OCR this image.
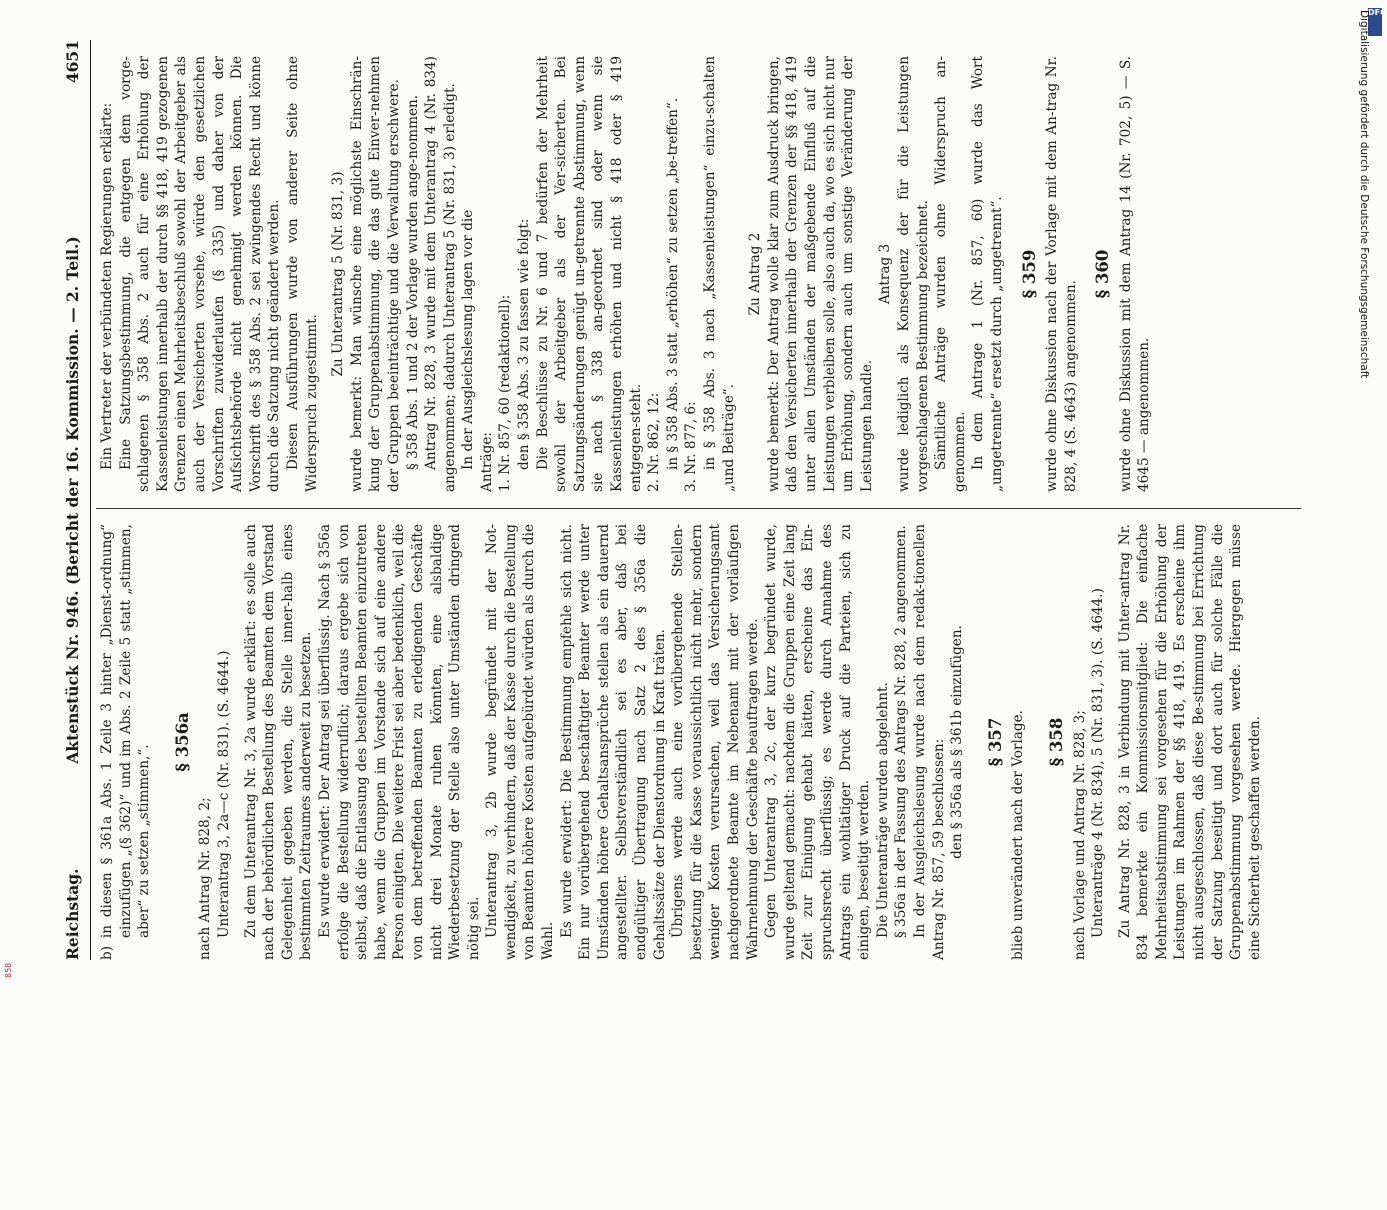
Aktenstück Nr. 946. (Bericht der 16. Kommission. — 2. Teil.)
Reichstag.
4651

b) in diesen § 361a Abs. 1 Zeile 3 hinter „Dienst-ordnung“ einzufügen „(§ 362)“ und im Abs. 2 Zeile 5 statt „stimmen, aber“ zu setzen „stimmen,“.

§ 356a

nach Antrag Nr. 828, 2; Unterantrag 3, 2a—c (Nr. 831). (S. 4644.) Zu dem Unterantrag Nr. 3, 2a wurde erklärt: es solle auch nach der behördlichen Bestellung des Beamten dem Vorstand Gelegenheit gegeben werden, die Stelle inner-halb eines bestimmten Zeitraumes anderweit zu besetzen. Es wurde erwidert: Der Antrag sei überflüssig. Nach § 356a erfolge die Bestellung widerruflich; daraus ergebe sich von selbst, daß die Entlassung des bestellten Beamten einzutreten habe, wenn die Gruppen im Vorstande sich auf eine andere Person einigten. Die weitere Frist sei aber bedenklich, weil die von dem betreffenden Beamten zu erledigenden Geschäfte nicht drei Monate ruhen könnten, eine alsbaldige Wiederbesetzung der Stelle also unter Umständen dringend nötig sei. Unterantrag 3, 2b wurde begründet mit der Not-wendigkeit, zu verhindern, daß der Kasse durch die Bestellung von Beamten höhere Kosten aufgebürdet würden als durch die Wahl.

Es wurde erwidert: Die Bestimmung empfehle sich nicht. Ein nur vorübergehend beschäftigter Beamter werde unter Umständen höhere Gehaltsansprüche stellen als ein dauernd angestellter. Selbstverständlich sei es aber, daß bei endgültiger Übertragung nach Satz 2 des § 356a die Gehaltssätze der Dienstordnung in Kraft träten. Übrigens werde auch eine vorübergehende Stellen-besetzung für die Kasse voraussichtlich nicht mehr, sondern weniger Kosten verursachen, weil das Versicherungsamt nachgeordnete Beamte im Nebenamt mit der vorläufigen Wahrnehmung der Geschäfte beauftragen werde. Gegen Unterantrag 3, 2c, der kurz begründet wurde, wurde geltend gemacht: nachdem die Gruppen eine Zeit lang Zeit zur Einigung gehabt hätten, erscheine das Ein-spruchsrecht überflüssig; es werde durch Annahme des Antrags ein wohltätiger Druck auf die Parteien, sich zu einigen, beseitigt werden. Die Unteranträge wurden abgelehnt. § 356a in der Fassung des Antrags Nr. 828, 2 angenommen. In der Ausgleichslesung wurde nach dem redak-tionellen Antrag Nr. 857, 59 beschlossen: den § 356a als § 361b einzufügen. § 357 blieb unverändert nach der Vorlage. § 358 nach Vorlage und Antrag Nr. 828, 3; Unteranträge 4 (Nr. 834), 5 (Nr. 831, 3). (S. 4644.) Zu Antrag Nr. 828, 3 in Verbindung mit Unter-antrag Nr. 834 bemerkte ein Kommissionsmitglied: Die einfache Mehrheitsabstimmung sei vorgesehen für die Erhöhung der Leistungen im Rahmen der §§ 418, 419. Es erscheine ihm nicht ausgeschlossen, daß diese Be-stimmung bei Errichtung der Satzung beseitigt und dort auch für solche Fälle die Gruppenabstimmung vorgesehen werde. Hiergegen müsse eine Sicherheit geschaffen werden.

Ein Vertreter der verbündeten Regierungen erklärte: Eine Satzungsbestimmung, die entgegen dem vorge-schlagenen § 358 Abs. 2 auch für eine Erhöhung der Kassenleistungen innerhalb der durch §§ 418, 419 gezogenen Grenzen einen Mehrheitsbeschluß sowohl der Arbeitgeber als auch der Versicherten vorsehe, würde den gesetzlichen Vorschriften zuwiderlaufen (§ 335) und daher von der Aufsichtsbehörde nicht genehmigt werden können. Die Vorschrift des § 358 Abs. 2 sei zwingendes Recht und könne durch die Satzung nicht geändert werden. Diesen Ausführungen wurde von anderer Seite ohne Widerspruch zugestimmt.

Zu Unterantrag 5 (Nr. 831, 3) wurde bemerkt: Man wünsche eine möglichste Einschrän-kung der Gruppenabstimmung, die das gute Einver-nehmen der Gruppen beeinträchtige und die Verwaltung erschwere. § 358 Abs. 1 und 2 der Vorlage wurden ange-nommen. Antrag Nr. 828, 3 wurde mit dem Unterantrag 4 (Nr. 834) angenommen; dadurch Unterantrag 5 (Nr. 831, 3) erledigt. In der Ausgleichslesung lagen vor die Anträge: 1. Nr. 857, 60 (redaktionell): den § 358 Abs. 3 zu fassen wie folgt: Die Beschlüsse zu Nr. 6 und 7 bedürfen der Mehrheit sowohl der Arbeitgeber als der Ver-sicherten. Bei Satzungsänderungen genügt un-getrennte Abstimmung, wenn sie nach § 338 an-geordnet sind oder wenn sie Kassenleistungen erhöhen und nicht § 418 oder § 419 entgegen-steht. 2. Nr. 862, 12: in § 358 Abs. 3 statt „erhöhen“ zu setzen „be-treffen“. 3. Nr. 877, 6: in § 358 Abs. 3 nach „Kassenleistungen“ einzu-schalten „und Beiträge“.

Zu Antrag 2 wurde bemerkt: Der Antrag wolle klar zum Ausdruck bringen, daß den Versicherten innerhalb der Grenzen der §§ 418, 419 unter allen Umständen der maßgebende Einfluß auf die Leistungen verbleiben solle, also auch da, wo es sich nicht nur um Erhöhung, sondern auch um sonstige Veränderung der Leistungen handle.

Antrag 3 wurde lediglich als Konsequenz der für die Leistungen vorgeschlagenen Bestimmung bezeichnet. Sämtliche Anträge wurden ohne Widerspruch an-genommen. In dem Antrage 1 (Nr. 857, 60) wurde das Wort „ungetrennte“ ersetzt durch „ungetrennt“. § 359 wurde ohne Diskussion nach der Vorlage mit dem An-trag Nr. 828, 4 (S. 4643) angenommen.

§ 360 wurde ohne Diskussion mit dem Antrag 14 (Nr. 702, 5) — S. 4645 — angenommen.

DFG
Digitalisierung gefördert durch die Deutsche Forschungsgemeinschaft
858
